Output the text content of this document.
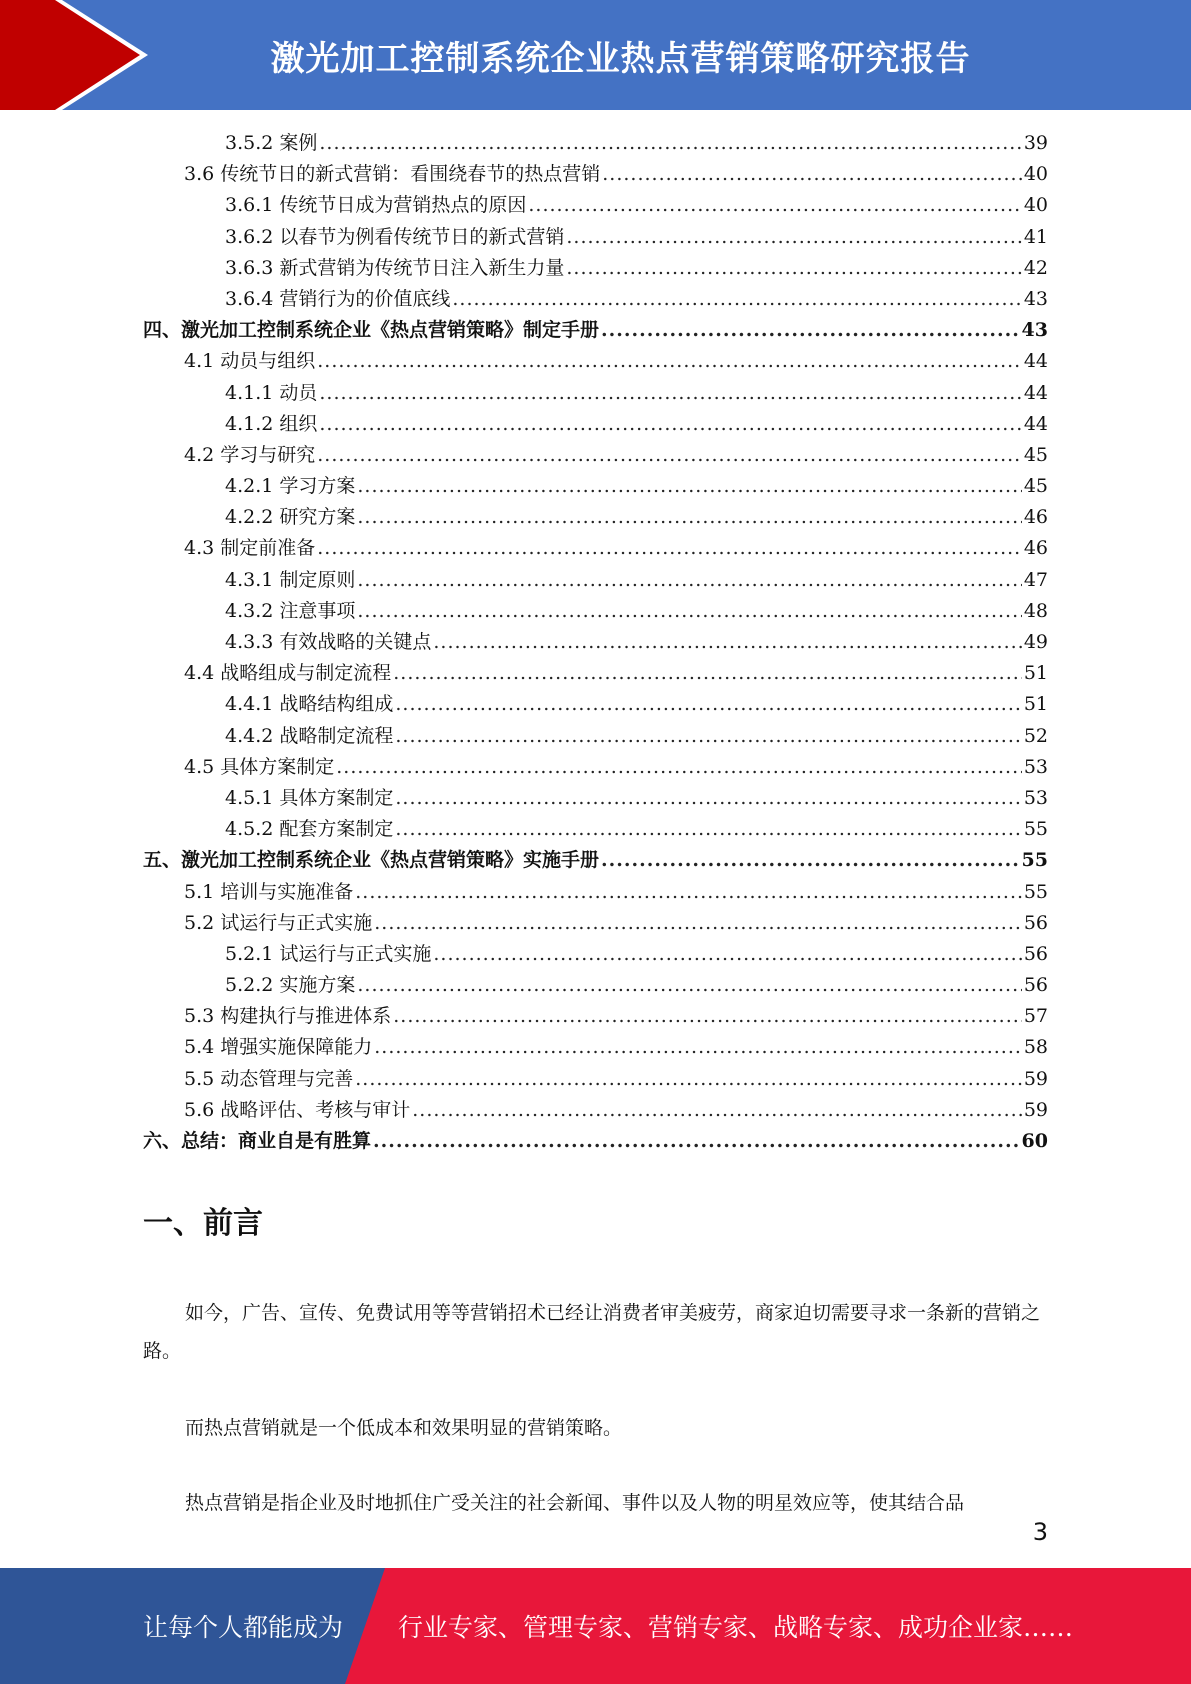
激光加工控制系统企业热点营销策略研究报告
3.5.2 案例 .....	39
3.6 传统节日的新式营销：看围绕春节的热点营销 .....	40
3.6.1 传统节日成为营销热点的原因 .....	40
3.6.2 以春节为例看传统节日的新式营销 .....	41
3.6.3 新式营销为传统节日注入新生力量 .....	42
3.6.4 营销行为的价值底线 .....	43
四、激光加工控制系统企业《热点营销策略》制定手册 .....	43
4.1 动员与组织 .....	44
4.1.1 动员 .....	44
4.1.2 组织 .....	44
4.2 学习与研究 .....	45
4.2.1 学习方案 .....	45
4.2.2 研究方案 .....	46
4.3 制定前准备 .....	46
4.3.1 制定原则 .....	47
4.3.2 注意事项 .....	48
4.3.3 有效战略的关键点 .....	49
4.4 战略组成与制定流程 .....	51
4.4.1 战略结构组成 .....	51
4.4.2 战略制定流程 .....	52
4.5 具体方案制定 .....	53
4.5.1 具体方案制定 .....	53
4.5.2 配套方案制定 .....	55
五、激光加工控制系统企业《热点营销策略》实施手册 .....	55
5.1 培训与实施准备 .....	55
5.2 试运行与正式实施 .....	56
5.2.1 试运行与正式实施 .....	56
5.2.2 实施方案 .....	56
5.3 构建执行与推进体系 .....	57
5.4 增强实施保障能力 .....	58
5.5 动态管理与完善 .....	59
5.6 战略评估、考核与审计 .....	59
六、总结：商业自是有胜算 .....	60
一、前言

如今，广告、宣传、免费试用等等营销招术已经让消费者审美疲劳，商家迫切需要寻求一条新的营销之路。

而热点营销就是一个低成本和效果明显的营销策略。

热点营销是指企业及时地抓住广受关注的社会新闻、事件以及人物的明星效应等，使其结合品

3
让每个人都能成为 行业专家、管理专家、营销专家、战略专家、成功企业家……
